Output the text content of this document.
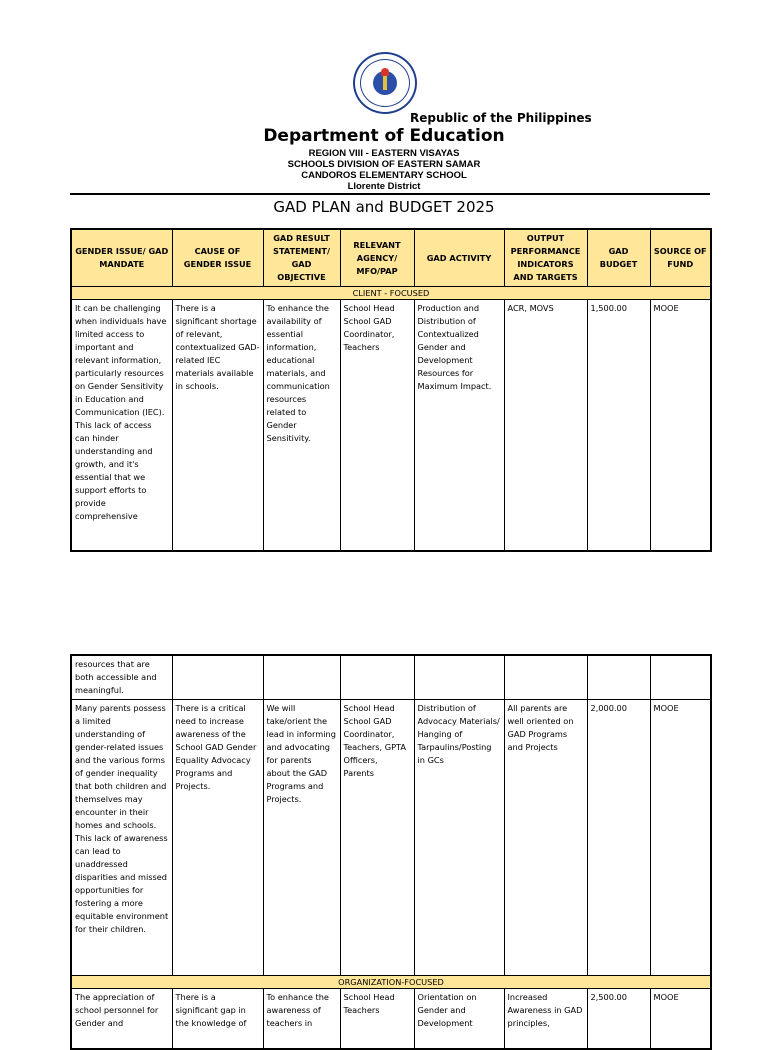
Republic of the Philippines
Department of Education
REGION VIII - EASTERN VISAYAS
SCHOOLS DIVISION OF EASTERN SAMAR
CANDOROS ELEMENTARY SCHOOL
Llorente District
GAD PLAN and BUDGET 2025
GENDER ISSUE/ GAD MANDATE	CAUSE OF GENDER ISSUE	GAD RESULT STATEMENT/ GAD OBJECTIVE	RELEVANT AGENCY/ MFO/PAP	GAD ACTIVITY	OUTPUT PERFORMANCE INDICATORS AND TARGETS	GAD BUDGET	SOURCE OF FUND
CLIENT - FOCUSED							
It can be challenging when individuals have limited access to important and relevant information, particularly resources on Gender Sensitivity in Education and Communication (IEC). This lack of access can hinder understanding and growth, and it's essential that we support efforts to provide comprehensive	There is a significant shortage of relevant, contextualized GAD-related IEC materials available in schools.	To enhance the availability of essential information, educational materials, and communication resources related to Gender Sensitivity.	School Head School GAD Coordinator, Teachers	Production and Distribution of Contextualized Gender and Development Resources for Maximum Impact.	ACR, MOVS	1,500.00	MOOE
resources that are both accessible and meaningful.							
Many parents possess a limited understanding of gender-related issues and the various forms of gender inequality that both children and themselves may encounter in their homes and schools. This lack of awareness can lead to unaddressed disparities and missed opportunities for fostering a more equitable environment for their children.	There is a critical need to increase awareness of the School GAD Gender Equality Advocacy Programs and Projects.	We will take/orient the lead in informing and advocating for parents about the GAD Programs and Projects.	School Head School GAD Coordinator, Teachers, GPTA Officers, Parents	Distribution of Advocacy Materials/ Hanging of Tarpaulins/Posting in GCs	All parents are well oriented on GAD Programs and Projects	2,000.00	MOOE
ORGANIZATION-FOCUSED							
The appreciation of school personnel for Gender and	There is a significant gap in the knowledge of	To enhance the awareness of teachers in	School Head Teachers	Orientation on Gender and Development	Increased Awareness in GAD principles,	2,500.00	MOOE
